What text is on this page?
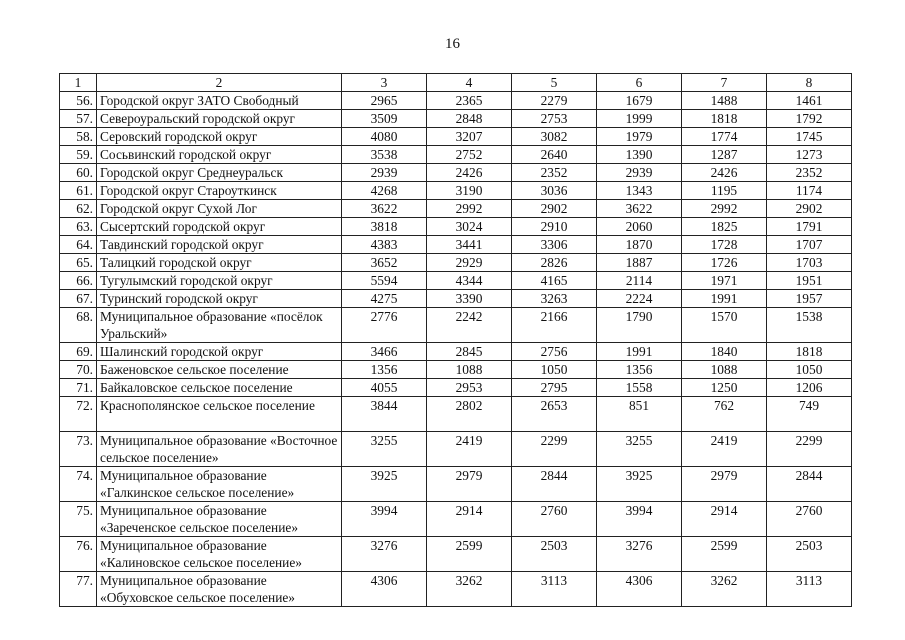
16
1	2	3	4	5	6	7	8
56.	Городской округ ЗАТО Свободный	2965	2365	2279	1679	1488	1461
57.	Североуральский городской округ	3509	2848	2753	1999	1818	1792
58.	Серовский городской округ	4080	3207	3082	1979	1774	1745
59.	Сосьвинский городской округ	3538	2752	2640	1390	1287	1273
60.	Городской округ Среднеуральск	2939	2426	2352	2939	2426	2352
61.	Городской округ Староуткинск	4268	3190	3036	1343	1195	1174
62.	Городской округ Сухой Лог	3622	2992	2902	3622	2992	2902
63.	Сысертский городской округ	3818	3024	2910	2060	1825	1791
64.	Тавдинский городской округ	4383	3441	3306	1870	1728	1707
65.	Талицкий городской округ	3652	2929	2826	1887	1726	1703
66.	Тугулымский городской округ	5594	4344	4165	2114	1971	1951
67.	Туринский городской округ	4275	3390	3263	2224	1991	1957
68.	Муниципальное образование «посёлок Уральский»	2776	2242	2166	1790	1570	1538
69.	Шалинский городской округ	3466	2845	2756	1991	1840	1818
70.	Баженовское сельское поселение	1356	1088	1050	1356	1088	1050
71.	Байкаловское сельское поселение	4055	2953	2795	1558	1250	1206
72.	Краснополянское сельское поселение	3844	2802	2653	851	762	749
73.	Муниципальное образование «Восточное сельское поселение»	3255	2419	2299	3255	2419	2299
74.	Муниципальное образование «Галкинское сельское поселение»	3925	2979	2844	3925	2979	2844
75.	Муниципальное образование «Зареченское сельское поселение»	3994	2914	2760	3994	2914	2760
76.	Муниципальное образование «Калиновское сельское поселение»	3276	2599	2503	3276	2599	2503
77.	Муниципальное образование «Обуховское сельское поселение»	4306	3262	3113	4306	3262	3113
